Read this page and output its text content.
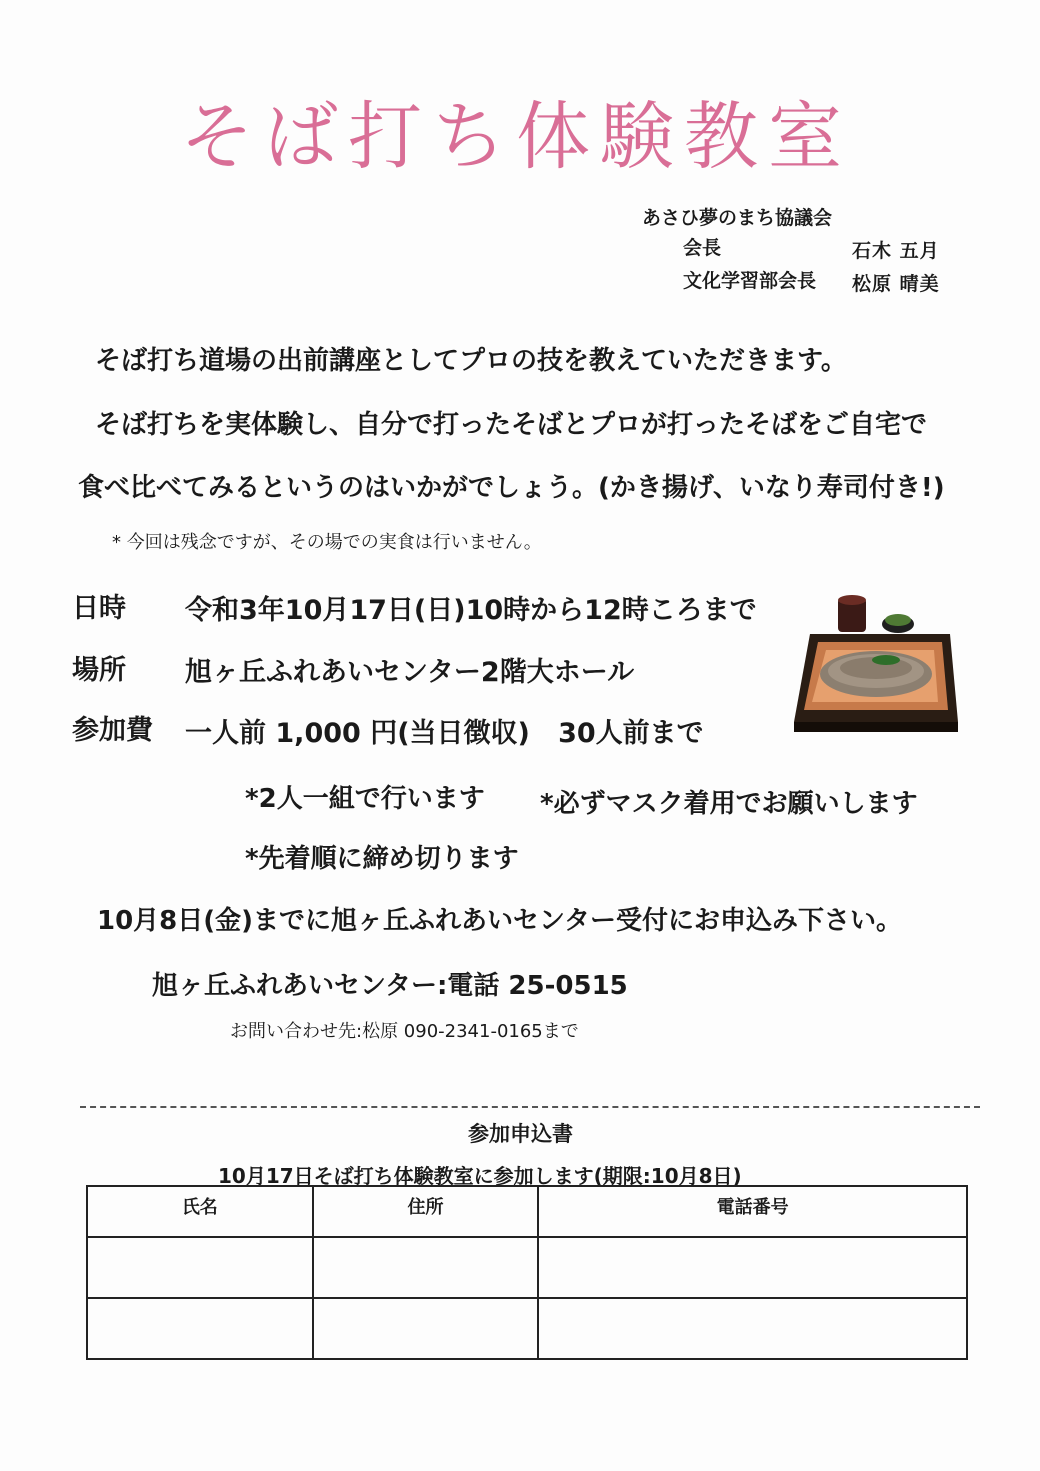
そば打ち体験教室
あさひ夢のまち協議会
会長	石木 五月
文化学習部会長 松原 晴美
そば打ち道場の出前講座としてプロの技を教えていただきます。
そば打ちを実体験し、自分で打ったそばとプロが打ったそばをご自宅で
食べ比べてみるというのはいかがでしょう。(かき揚げ、いなり寿司付き!)
* 今回は残念ですが、その場での実食は行いません。
日時 令和3年10月17日(日)10時から12時ころまで
場所 旭ヶ丘ふれあいセンター2階大ホール
参加費 一人前 1,000 円(当日徴収)   30人前まで
*2人一組で行います *必ずマスク着用でお願いします
*先着順に締め切ります
10月8日(金)までに旭ヶ丘ふれあいセンター受付にお申込み下さい。
旭ヶ丘ふれあいセンター:電話 25-0515
お問い合わせ先:松原 090-2341-0165まで
参加申込書
10月17日そば打ち体験教室に参加します(期限:10月8日)
氏名	住所	電話番号
